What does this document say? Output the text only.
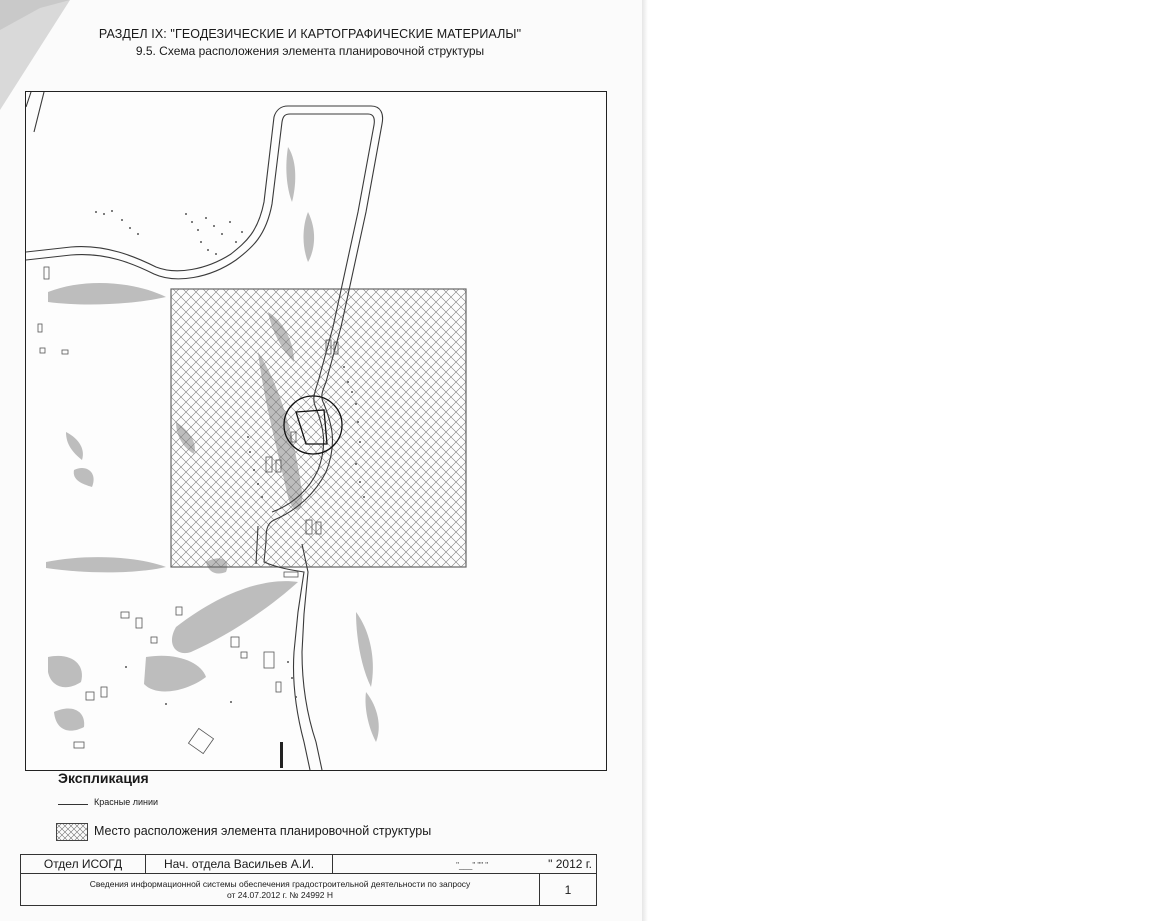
РАЗДЕЛ IX: "ГЕОДЕЗИЧЕСКИЕ И КАРТОГРАФИЧЕСКИЕ МАТЕРИАЛЫ"
9.5. Схема расположения элемента планировочной структуры
Экспликация
Красные линии
Место расположения элемента планировочной структуры
Отдел ИСОГД	Нач. отдела Васильев А.И.	"___" "" " " 2012 г.	

Сведения информационной системы обеспечения градостроительной деятельности по запросу
от 24.07.2012 г. № 24992 Н			1
